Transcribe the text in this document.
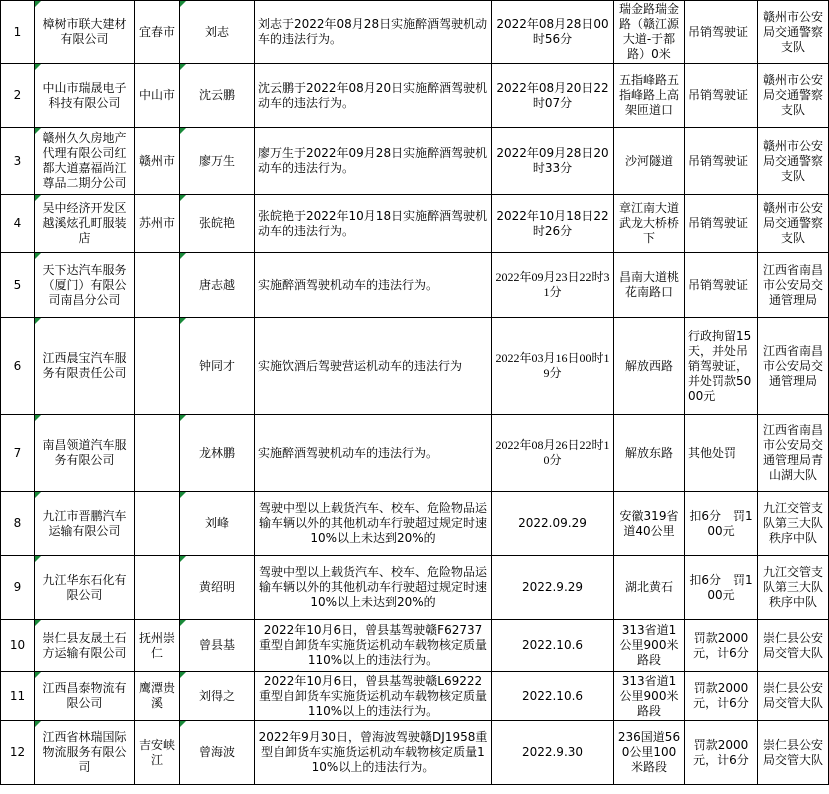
1	樟树市联大建材有限公司	宜春市	刘志	刘志于2022年08月28日实施醉酒驾驶机动车的违法行为。	2022年08月28日00时56分	瑞金路瑞金路（赣江源大道-于都路）0米	吊销驾驶证	赣州市公安局交通警察支队
2	中山市瑞晟电子科技有限公司	中山市	沈云鹏	沈云鹏于2022年08月20日实施醉酒驾驶机动车的违法行为。	2022年08月20日22时07分	五指峰路五指峰路上高架匝道口	吊销驾驶证	赣州市公安局交通警察支队
3	赣州久久房地产代理有限公司红都大道嘉福尚江尊品二期分公司	赣州市	廖万生	廖万生于2022年09月28日实施醉酒驾驶机动车的违法行为。	2022年09月28日20时33分	沙河隧道	吊销驾驶证	赣州市公安局交通警察支队
4	吴中经济开发区越溪炫孔町服装店	苏州市	张皖艳	张皖艳于2022年10月18日实施醉酒驾驶机动车的违法行为。	2022年10月18日22时26分	章江南大道武龙大桥桥下	吊销驾驶证	赣州市公安局交通警察支队
5	天下达汽车服务（厦门）有限公司南昌分公司		唐志越	实施醉酒驾驶机动车的违法行为。	2022年09月23日22时31分	昌南大道桃花南路口	吊销驾驶证	江西省南昌市公安局交通管理局
6	江西晨宝汽车服务有限责任公司		钟同才	实施饮酒后驾驶营运机动车的违法行为	2022年03月16日00时19分	解放西路	行政拘留15天，并处吊销驾驶证，并处罚款5000元	江西省南昌市公安局交通管理局
7	南昌领道汽车服务有限公司		龙林鹏	实施醉酒驾驶机动车的违法行为。	2022年08月26日22时10分	解放东路	其他处罚	江西省南昌市公安局交通管理局青山湖大队
8	九江市晋鹏汽车运输有限公司		刘峰	驾驶中型以上载货汽车、校车、危险物品运输车辆以外的其他机动车行驶超过规定时速10%以上未达到20%的	2022.09.29	安徽319省道40公里	扣6分　罚100元	九江交管支队第三大队秩序中队
9	九江华东石化有限公司		黄绍明	驾驶中型以上载货汽车、校车、危险物品运输车辆以外的其他机动车行驶超过规定时速10%以上未达到20%的	2022.9.29	湖北黄石	扣6分　罚100元	九江交管支队第三大队秩序中队
10	崇仁县友晟土石方运输有限公司	抚州崇仁	曾县基	2022年10月6日，曾县基驾驶赣F62737重型自卸货车实施货运机动车载物核定质量110%以上的违法行为。	2022.10.6	313省道1公里900米路段	罚款2000元，计6分	崇仁县公安局交管大队
11	江西昌泰物流有限公司	鹰潭贵溪	刘得之	2022年10月6日，曾县基驾驶赣L69222重型自卸货车实施货运机动车载物核定质量110%以上的违法行为。	2022.10.6	313省道1公里900米路段	罚款2000元，计6分	崇仁县公安局交管大队
12	江西省林瑞国际物流服务有限公司	吉安峡江	曾海波	2022年9月30日，曾海波驾驶赣DJ1958重型自卸货车实施货运机动车载物核定质量110%以上的违法行为。	2022.9.30	236国道560公里100米路段	罚款2000元，计6分	崇仁县公安局交管大队
